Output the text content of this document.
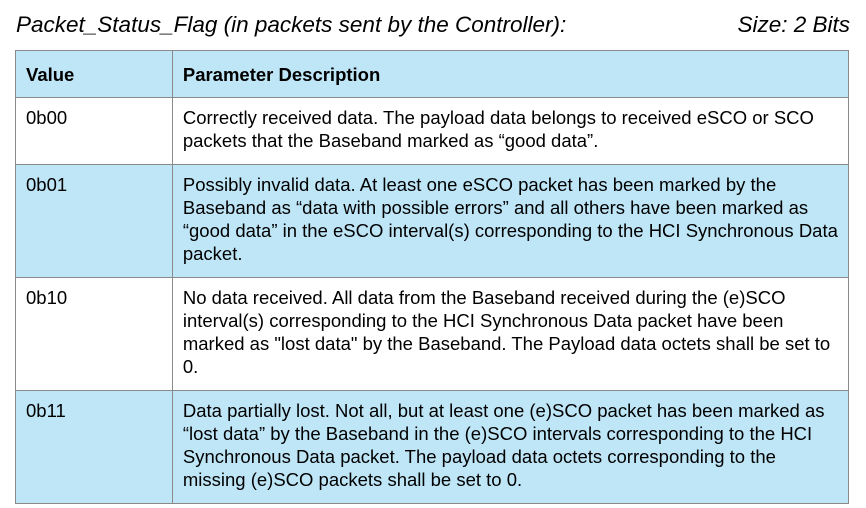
Packet_Status_Flag (in packets sent by the Controller):	Size: 2 Bits
Value	Parameter Description
0b00	Correctly received data. The payload data belongs to received eSCO or SCO packets that the Baseband marked as “good data”.
0b01	Possibly invalid data. At least one eSCO packet has been marked by the Baseband as “data with possible errors” and all others have been marked as “good data” in the eSCO interval(s) corresponding to the HCI Synchronous Data packet.
0b10	No data received. All data from the Baseband received during the (e)SCO interval(s) corresponding to the HCI Synchronous Data packet have been marked as "lost data" by the Baseband. The Payload data octets shall be set to 0.
0b11	Data partially lost. Not all, but at least one (e)SCO packet has been marked as “lost data” by the Baseband in the (e)SCO intervals corresponding to the HCI Synchronous Data packet. The payload data octets corresponding to the missing (e)SCO packets shall be set to 0.
